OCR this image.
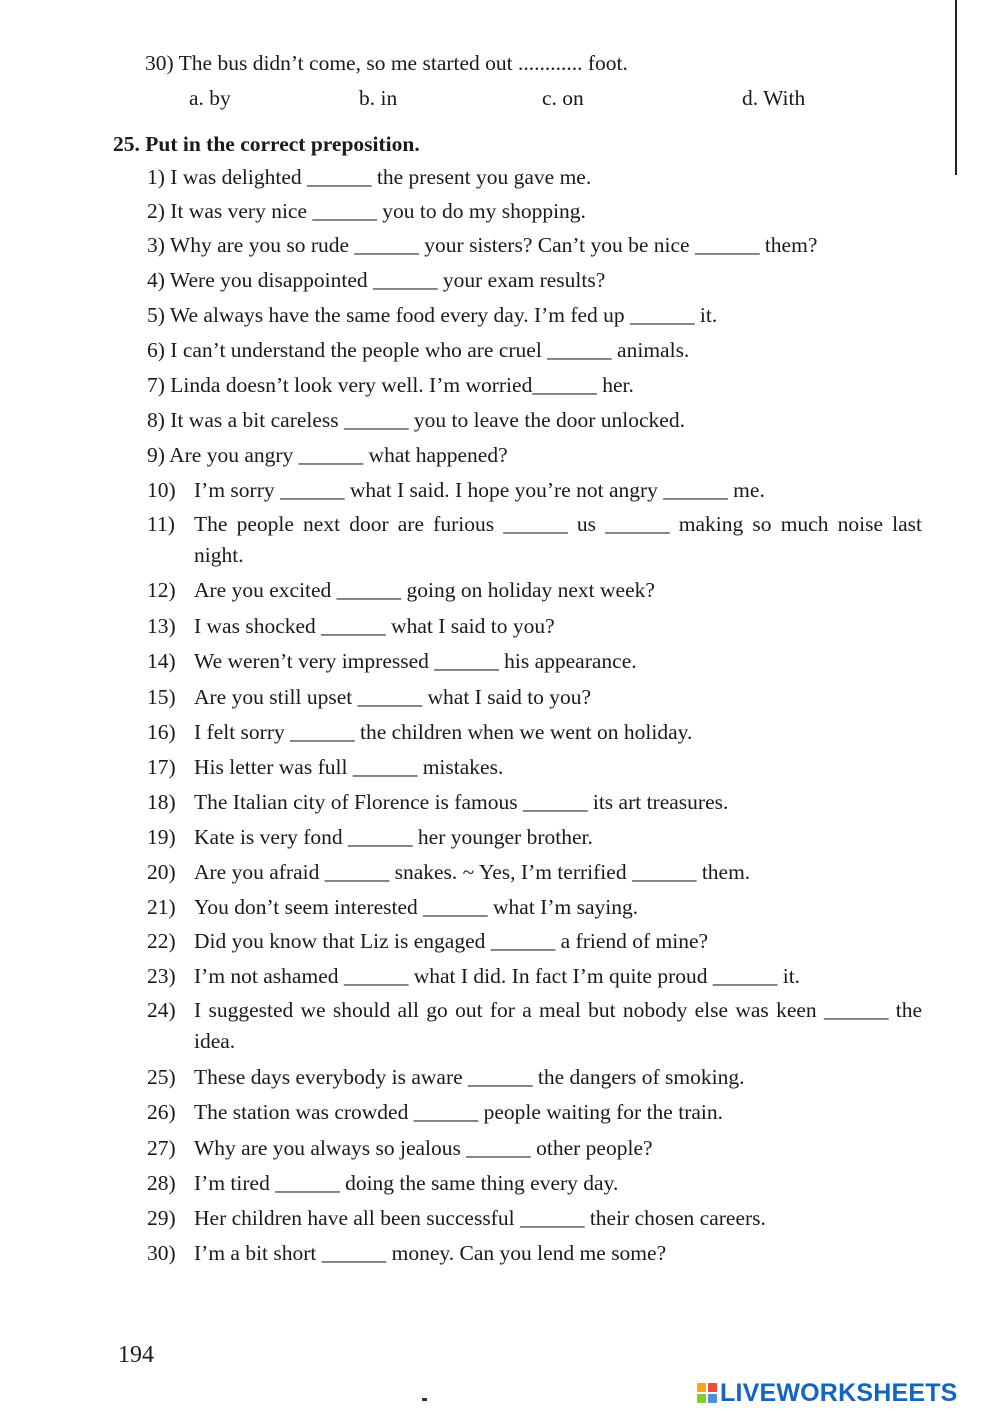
30) The bus didn’t come, so me started out ............ foot.
a. by	b. in	c. on	d. With
25. Put in the correct preposition.
1) I was delighted ______ the present you gave me.
2) It was very nice ______ you to do my shopping.
3) Why are you so rude ______ your sisters? Can’t you be nice ______ them?
4) Were you disappointed ______ your exam results?
5) We always have the same food every day. I’m fed up ______ it.
6) I can’t understand the people who are cruel ______ animals.
7) Linda doesn’t look very well. I’m worried______ her.
8) It was a bit careless ______ you to leave the door unlocked.
9) Are you angry ______ what happened?
10) I’m sorry ______ what I said. I hope you’re not angry ______ me.
11) The people next door are furious ______ us ______ making so much noise last night.
12) Are you excited ______ going on holiday next week?
13) I was shocked ______ what I said to you?
14) We weren’t very impressed ______ his appearance.
15) Are you still upset ______ what I said to you?
16) I felt sorry ______ the children when we went on holiday.
17) His letter was full ______ mistakes.
18) The Italian city of Florence is famous ______ its art treasures.
19) Kate is very fond ______ her younger brother.
20) Are you afraid ______ snakes. ~ Yes, I’m terrified ______ them.
21) You don’t seem interested ______ what I’m saying.
22) Did you know that Liz is engaged ______ a friend of mine?
23) I’m not ashamed ______ what I did. In fact I’m quite proud ______ it.
24) I suggested we should all go out for a meal but nobody else was keen ______ the idea.
25) These days everybody is aware ______ the dangers of smoking.
26) The station was crowded ______ people waiting for the train.
27) Why are you always so jealous ______ other people?
28) I’m tired ______ doing the same thing every day.
29) Her children have all been successful ______ their chosen careers.
30) I’m a bit short ______ money. Can you lend me some?
194
LIVEWORKSHEETS
